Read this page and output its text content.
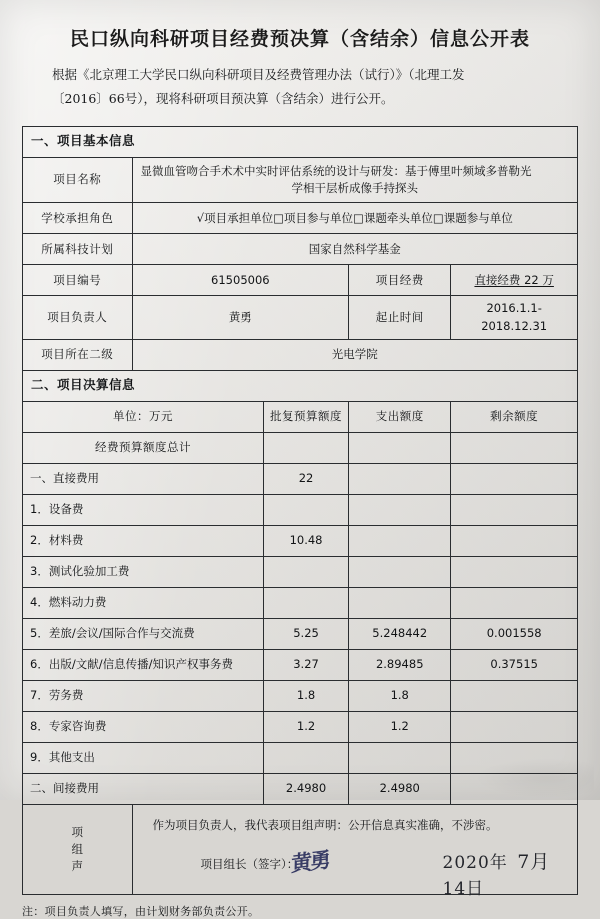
民口纵向科研项目经费预决算（含结余）信息公开表
根据《北京理工大学民口纵向科研项目及经费管理办法（试行）》（北理工发
〔2016〕66号），现将科研项目预决算（含结余）进行公开。
一、项目基本信息				
项目名称	显微血管吻合手术术中实时评估系统的设计与研发：基于傅里叶频域多普勒光
学相干层析成像手持探头			

学校承担角色	√项目承担单位□项目参与单位□课题牵头单位□课题参与单位			
所属科技计划	国家自然科学基金			
项目编号	61505006		项目经费	直接经费 22 万
项目负责人	黄勇		起止时间	2016.1.1-2018.12.31
项目所在二级	光电学院			
二、项目决算信息				
单位：万元		批复预算额度	支出额度	剩余额度
经费预算额度总计				
一、直接费用		22		
1．设备费				
2．材料费		10.48		
3．测试化验加工费				
4．燃料动力费				
5．差旅/会议/国际合作与交流费		5.25	5.248442	0.001558
6．出版/文献/信息传播/知识产权事务费		3.27	2.89485	0.37515
7．劳务费		1.8	1.8	
8．专家咨询费		1.2	1.2	
9．其他支出				
二、间接费用		2.4980	2.4980	

项
组
声

作为项目负责人，我代表项目组声明：公开信息真实准确，不涉密。
项目组长（签字）：
黄勇	2020年 7月 14日
注：项目负责人填写，由计划财务部负责公开。
